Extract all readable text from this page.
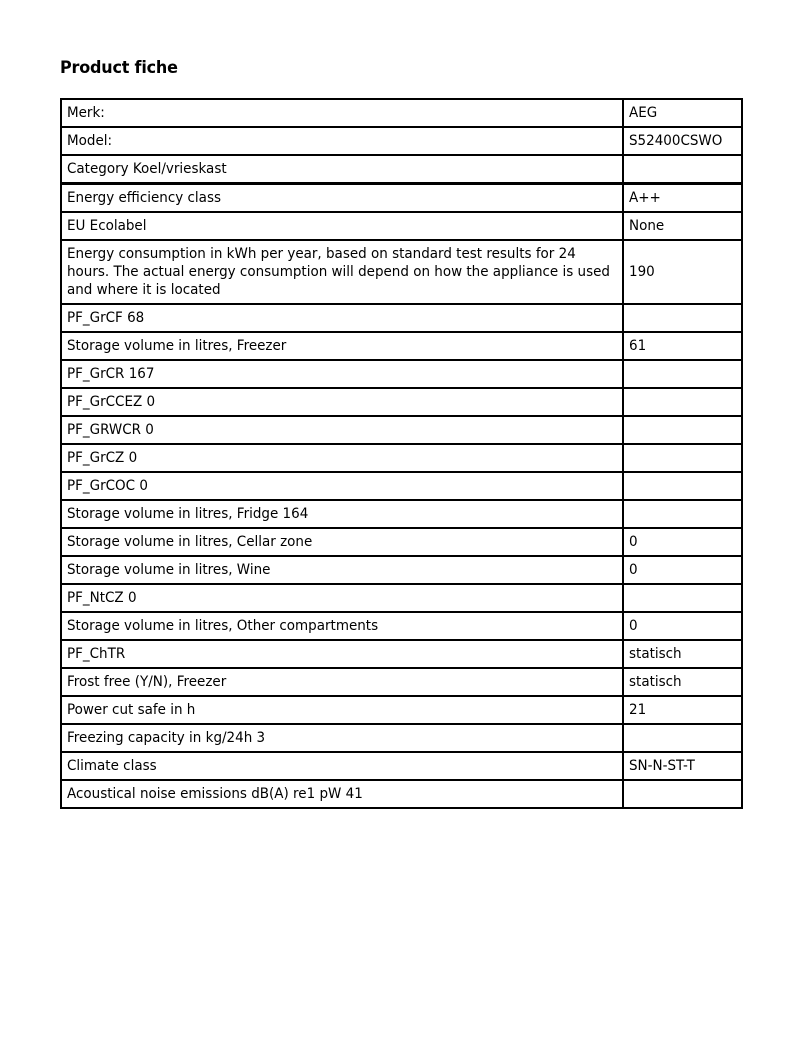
Product fiche
Merk:	AEG
Model:	S52400CSWO
Category Koel/vrieskast	
Energy efficiency class	A++
EU Ecolabel	None
Energy consumption in kWh per year, based on standard test results for 24 hours. The actual energy consumption will depend on how the appliance is used and where it is located	190
PF_GrCF 68	
Storage volume in litres, Freezer	61
PF_GrCR 167	
PF_GrCCEZ 0	
PF_GRWCR 0	
PF_GrCZ 0	
PF_GrCOC 0	
Storage volume in litres, Fridge 164	
Storage volume in litres, Cellar zone	0
Storage volume in litres, Wine	0
PF_NtCZ 0	
Storage volume in litres, Other compartments	0
PF_ChTR	statisch
Frost free (Y/N), Freezer	statisch
Power cut safe in h	21
Freezing capacity in kg/24h 3	
Climate class	SN-N-ST-T
Acoustical noise emissions dB(A) re1 pW 41	
